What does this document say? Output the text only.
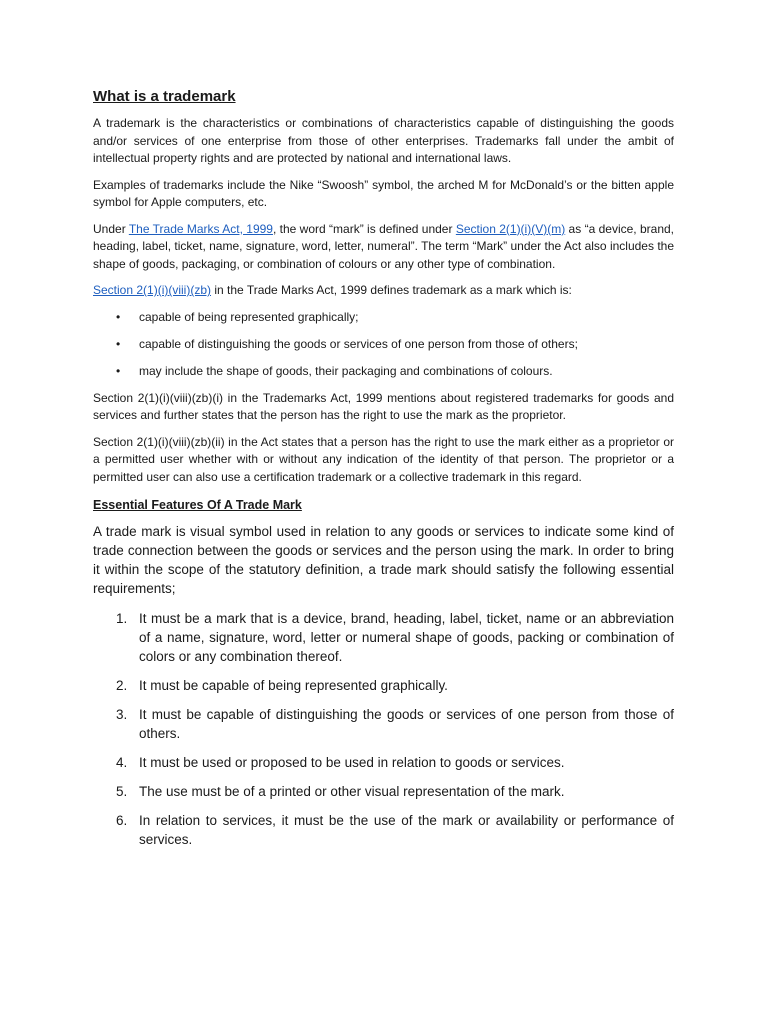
What is a trademark

A trademark is the characteristics or combinations of characteristics capable of distinguishing the goods and/or services of one enterprise from those of other enterprises. Trademarks fall under the ambit of intellectual property rights and are protected by national and international laws.

Examples of trademarks include the Nike “Swoosh” symbol, the arched M for McDonald’s or the bitten apple symbol for Apple computers, etc.

Under The Trade Marks Act, 1999, the word “mark” is defined under Section 2(1)(i)(V)(m) as “a device, brand, heading, label, ticket, name, signature, word, letter, numeral”. The term “Mark” under the Act also includes the shape of goods, packaging, or combination of colours or any other type of combination.

Section 2(1)(i)(viii)(zb) in the Trade Marks Act, 1999 defines trademark as a mark which is:

• capable of being represented graphically;
• capable of distinguishing the goods or services of one person from those of others;
• may include the shape of goods, their packaging and combinations of colours.

Section 2(1)(i)(viii)(zb)(i) in the Trademarks Act, 1999 mentions about registered trademarks for goods and services and further states that the person has the right to use the mark as the proprietor.

Section 2(1)(i)(viii)(zb)(ii) in the Act states that a person has the right to use the mark either as a proprietor or a permitted user whether with or without any indication of the identity of that person. The proprietor or a permitted user can also use a certification trademark or a collective trademark in this regard.

Essential Features Of A Trade Mark

A trade mark is visual symbol used in relation to any goods or services to indicate some kind of trade connection between the goods or services and the person using the mark. In order to bring it within the scope of the statutory definition, a trade mark should satisfy the following essential requirements;

1. It must be a mark that is a device, brand, heading, label, ticket, name or an abbreviation of a name, signature, word, letter or numeral shape of goods, packing or combination of colors or any combination thereof.
2. It must be capable of being represented graphically.
3. It must be capable of distinguishing the goods or services of one person from those of others.
4. It must be used or proposed to be used in relation to goods or services.
5. The use must be of a printed or other visual representation of the mark.
6. In relation to services, it must be the use of the mark or availability or performance of services.
